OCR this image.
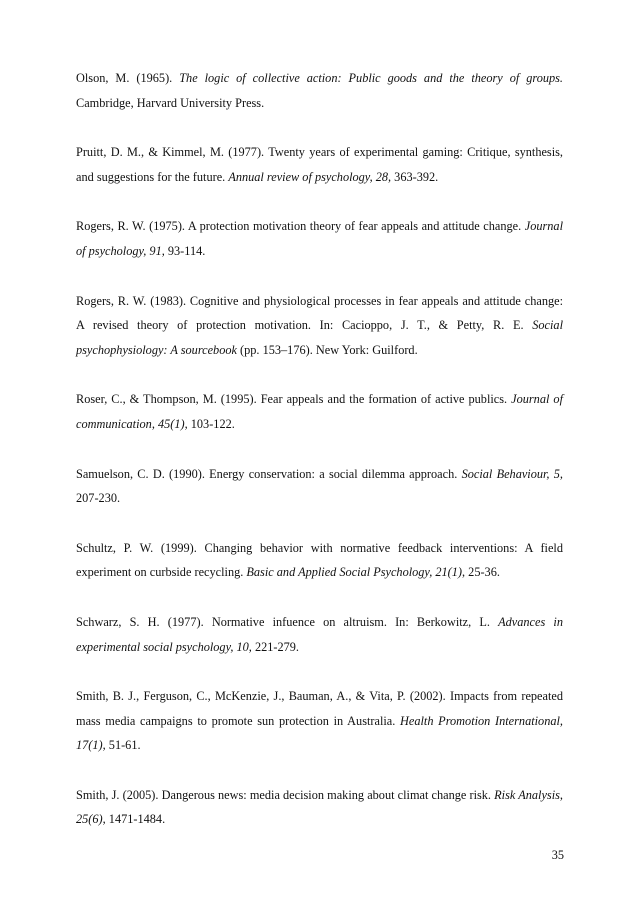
Olson, M. (1965). The logic of collective action: Public goods and the theory of groups. Cambridge, Harvard University Press.

Pruitt, D. M., & Kimmel, M. (1977). Twenty years of experimental gaming: Critique, synthesis, and suggestions for the future. Annual review of psychology, 28, 363-392.

Rogers, R. W. (1975). A protection motivation theory of fear appeals and attitude change. Journal of psychology, 91, 93-114.

Rogers, R. W. (1983). Cognitive and physiological processes in fear appeals and attitude change: A revised theory of protection motivation. In: Cacioppo, J. T., & Petty, R. E. Social psychophysiology: A sourcebook (pp. 153–176). New York: Guilford.

Roser, C., & Thompson, M. (1995). Fear appeals and the formation of active publics. Journal of communication, 45(1), 103-122.

Samuelson, C. D. (1990). Energy conservation: a social dilemma approach. Social Behaviour, 5, 207-230.

Schultz, P. W. (1999). Changing behavior with normative feedback interventions: A field experiment on curbside recycling. Basic and Applied Social Psychology, 21(1), 25-36.

Schwarz, S. H. (1977). Normative infuence on altruism. In: Berkowitz, L. Advances in experimental social psychology, 10, 221-279.

Smith, B. J., Ferguson, C., McKenzie, J., Bauman, A., & Vita, P. (2002). Impacts from repeated mass media campaigns to promote sun protection in Australia. Health Promotion International, 17(1), 51-61.

Smith, J. (2005). Dangerous news: media decision making about climat change risk. Risk Analysis, 25(6), 1471-1484.

35
